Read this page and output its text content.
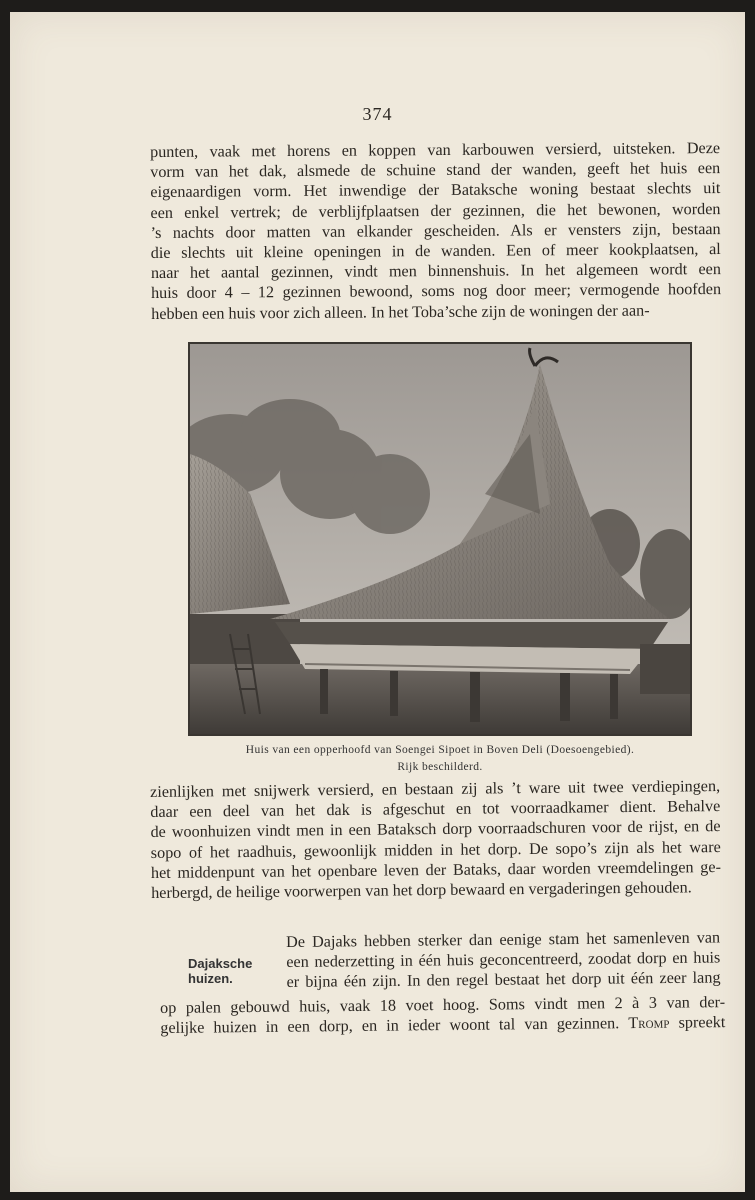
374
punten, vaak met horens en koppen van karbouwen versierd, uitsteken. Deze
vorm van het dak, alsmede de schuine stand der wanden, geeft het huis een
eigenaardigen vorm. Het inwendige der Bataksche woning bestaat slechts uit
een enkel vertrek; de verblijfplaatsen der gezinnen, die het bewonen, worden
’s nachts door matten van elkander gescheiden. Als er vensters zijn, bestaan
die slechts uit kleine openingen in de wanden. Een of meer kookplaatsen, al
naar het aantal gezinnen, vindt men binnenshuis. In het algemeen wordt een
huis door 4 – 12 gezinnen bewoond, soms nog door meer; vermogende hoofden
hebben een huis voor zich alleen. In het Toba’sche zijn de woningen der aan-
Huis van een opperhoofd van Soengei Sipoet in Boven Deli (Doesoengebied).
Rijk beschilderd.
zienlijken met snijwerk versierd, en bestaan zij als ’t ware uit twee verdiepingen,
daar een deel van het dak is afgeschut en tot voorraadkamer dient. Behalve
de woonhuizen vindt men in een Bataksch dorp voorraadschuren voor de rijst, en de
sopo of het raadhuis, gewoonlijk midden in het dorp. De sopo’s zijn als het ware
het middenpunt van het openbare leven der Bataks, daar worden vreemdelingen ge-
herbergd, de heilige voorwerpen van het dorp bewaard en vergaderingen gehouden.
Dajaksche
huizen.
De Dajaks hebben sterker dan eenige stam het samenleven van
een nederzetting in één huis geconcentreerd, zoodat dorp en huis
er bijna één zijn. In den regel bestaat het dorp uit één zeer lang
op palen gebouwd huis, vaak 18 voet hoog. Soms vindt men 2 à 3 van der-
gelijke huizen in een dorp, en in ieder woont tal van gezinnen. Tromp spreekt
